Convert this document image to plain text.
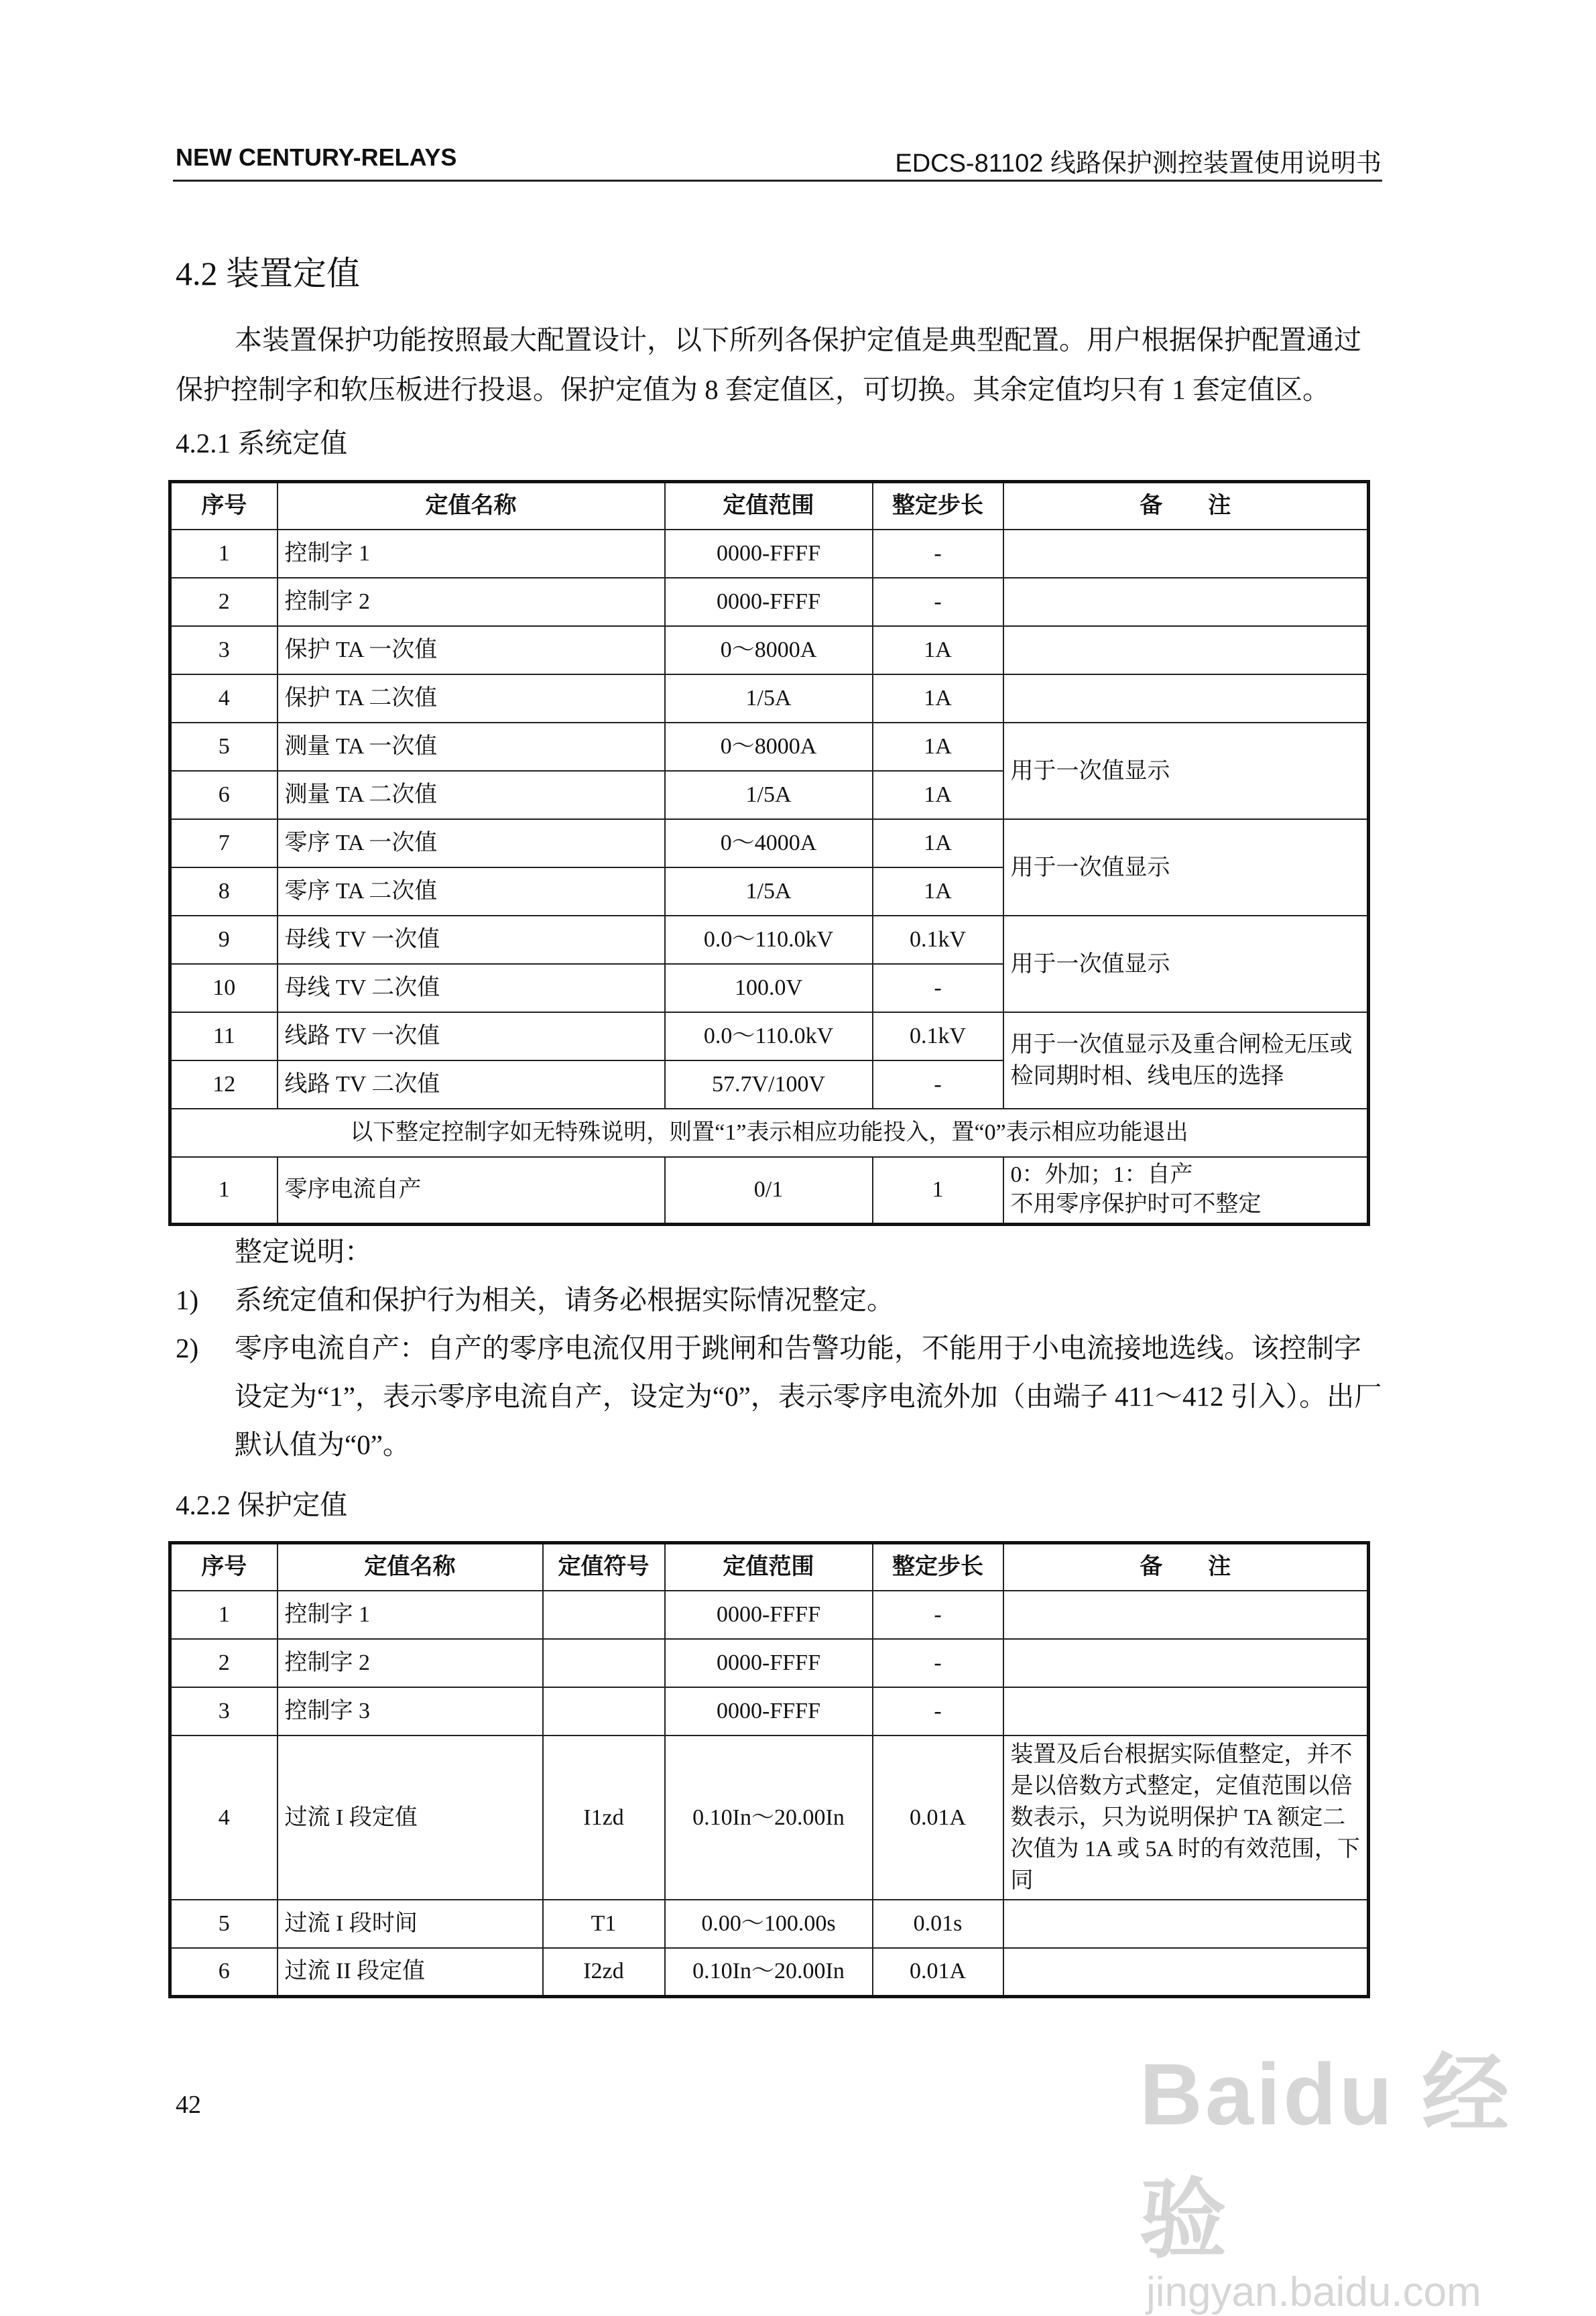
NEW CENTURY-RELAYS	EDCS-81102 线路保护测控装置使用说明书
4.2 装置定值
本装置保护功能按照最大配置设计，以下所列各保护定值是典型配置。用户根据保护配置通过保护控制字和软压板进行投退。保护定值为 8 套定值区，可切换。其余定值均只有 1 套定值区。
4.2.1 系统定值
序号	定值名称	定值范围	整定步长	备　　注
1	控制字 1	0000-FFFF	-	
2	控制字 2	0000-FFFF	-	
3	保护 TA 一次值	0～8000A	1A	
4	保护 TA 二次值	1/5A	1A	
5	测量 TA 一次值	0～8000A	1A	用于一次值显示
6	测量 TA 二次值	1/5A	1A	
7	零序 TA 一次值	0～4000A	1A	用于一次值显示
8	零序 TA 二次值	1/5A	1A	
9	母线 TV 一次值	0.0～110.0kV	0.1kV	用于一次值显示
10	母线 TV 二次值	100.0V	-	
11	线路 TV 一次值	0.0～110.0kV	0.1kV	用于一次值显示及重合闸检无压或检同期时相、线电压的选择
12	线路 TV 二次值	57.7V/100V	-	
以下整定控制字如无特殊说明，则置“1”表示相应功能投入，置“0”表示相应功能退出				
1	零序电流自产	0/1	1	0：外加；1：自产
不用零序保护时可不整定
整定说明：
1)	系统定值和保护行为相关，请务必根据实际情况整定。
2)	零序电流自产：自产的零序电流仅用于跳闸和告警功能，不能用于小电流接地选线。该控制字设定为“1”，表示零序电流自产，设定为“0”，表示零序电流外加（由端子 411～412 引入）。出厂默认值为“0”。
4.2.2 保护定值
序号	定值名称	定值符号	定值范围	整定步长	备　　注
1	控制字 1		0000-FFFF	-	
2	控制字 2		0000-FFFF	-	
3	控制字 3		0000-FFFF	-	
4	过流 I 段定值	I1zd	0.10In～20.00In	0.01A	装置及后台根据实际值整定，并不是以倍数方式整定，定值范围以倍数表示，只为说明保护 TA 额定二次值为 1A 或 5A 时的有效范围，下同
5	过流 I 段时间	T1	0.00～100.00s	0.01s	
6	过流 II 段定值	I2zd	0.10In～20.00In	0.01A	
42	Baidu 经验
jingyan.baidu.com
